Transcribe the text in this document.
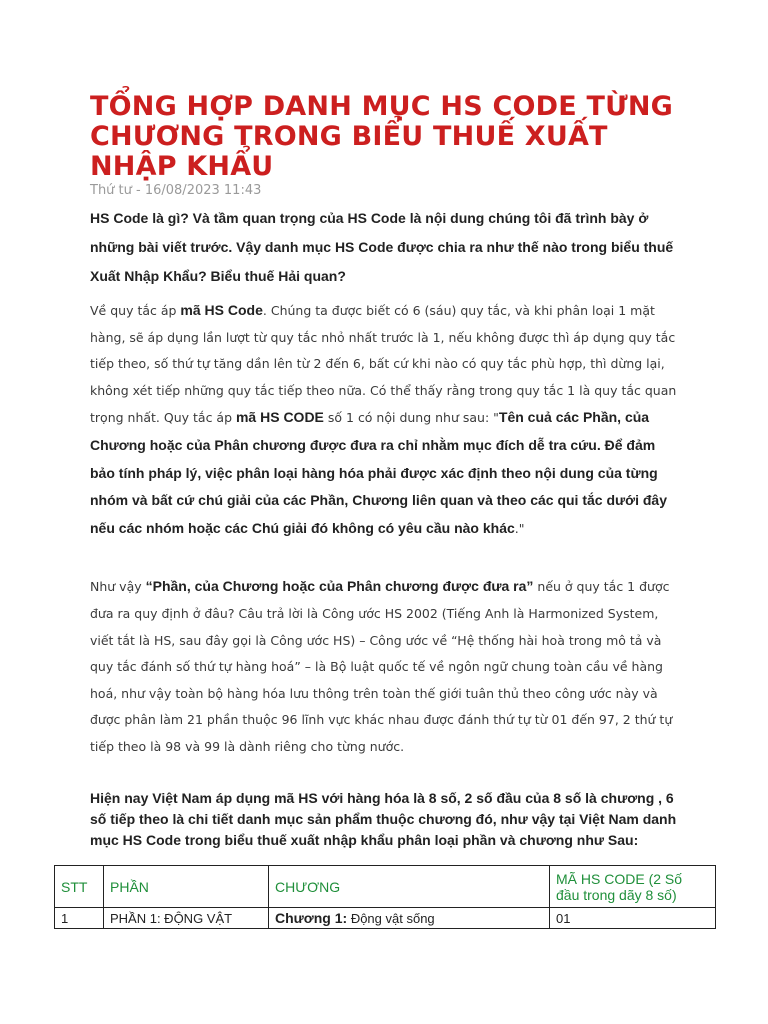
TỔNG HỢP DANH MỤC HS CODE TỪNG CHƯƠNG TRONG BIỂU THUẾ XUẤT NHẬP KHẨU
Thứ tư - 16/08/2023 11:43

HS Code là gì? Và tầm quan trọng của HS Code là nội dung chúng tôi đã trình bày ở những bài viết trước. Vậy danh mục HS Code được chia ra như thế nào trong biểu thuế Xuất Nhập Khẩu? Biểu thuế Hải quan?

Về quy tắc áp mã HS Code. Chúng ta được biết có 6 (sáu) quy tắc, và khi phân loại 1 mặt hàng, sẽ áp dụng lần lượt từ quy tắc nhỏ nhất trước là 1, nếu không được thì áp dụng quy tắc tiếp theo, số thứ tự tăng dần lên từ 2 đến 6, bất cứ khi nào có quy tắc phù hợp, thì dừng lại, không xét tiếp những quy tắc tiếp theo nữa. Có thể thấy rằng trong quy tắc 1 là quy tắc quan trọng nhất. Quy tắc áp mã HS CODE số 1 có nội dung như sau: "Tên cuả các Phần, của Chương hoặc của Phân chương được đưa ra chỉ nhằm mục đích dễ tra cứu. Để đảm bảo tính pháp lý, việc phân loại hàng hóa phải được xác định theo nội dung của từng nhóm và bất cứ chú giải của các Phần, Chương liên quan và theo các qui tắc dưới đây nếu các nhóm hoặc các Chú giải đó không có yêu cầu nào khác."

Như vậy “Phần, của Chương hoặc của Phân chương được đưa ra” nếu ở quy tắc 1 được đưa ra quy định ở đâu? Câu trả lời là Công ước HS 2002 (Tiếng Anh là Harmonized System, viết tắt là HS, sau đây gọi là Công ước HS) – Công ước về “Hệ thống hài hoà trong mô tả và quy tắc đánh số thứ tự hàng hoá” – là Bộ luật quốc tế về ngôn ngữ chung toàn cầu về hàng hoá, như vậy toàn bộ hàng hóa lưu thông trên toàn thế giới tuân thủ theo công ước này và được phân làm 21 phần thuộc 96 lĩnh vực khác nhau được đánh thứ tự từ 01 đến 97, 2 thứ tự tiếp theo là 98 và 99 là dành riêng cho từng nước.

Hiện nay Việt Nam áp dụng mã HS với hàng hóa là 8 số, 2 số đầu của 8 số là chương , 6 số tiếp theo là chi tiết danh mục sản phẩm thuộc chương đó, như vậy tại Việt Nam danh mục HS Code trong biểu thuế xuất nhập khẩu phân loại phần và chương như Sau:

STT	PHẦN	CHƯƠNG	MÃ HS CODE (2 Số đầu trong dãy 8 số)
1	PHẦN 1: ĐỘNG VẬT	Chương 1: Động vật sống	01
